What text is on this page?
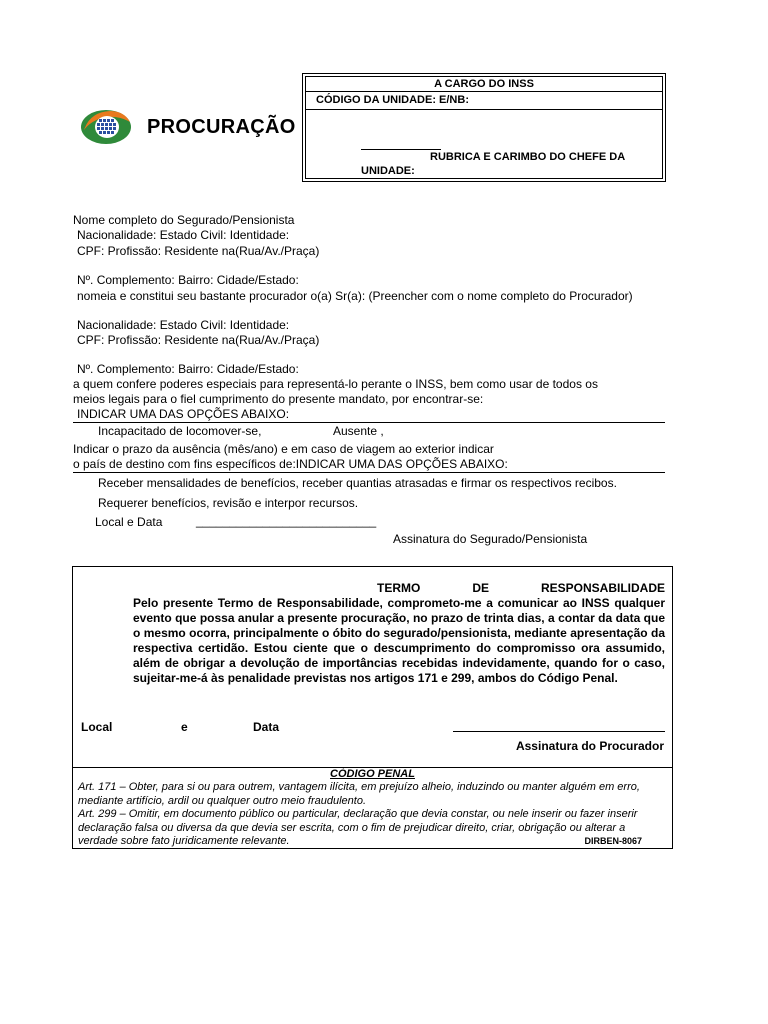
PROCURAÇÃO
A CARGO DO INSS
CÓDIGO DA UNIDADE: E/NB:
RUBRICA E CARIMBO DO CHEFE DA
UNIDADE:
Nome completo do Segurado/Pensionista
Nacionalidade: Estado Civil: Identidade:
CPF: Profissão: Residente na(Rua/Av./Praça)
Nº. Complemento: Bairro: Cidade/Estado:
nomeia e constitui seu bastante procurador o(a) Sr(a): (Preencher com o nome completo do Procurador)
Nacionalidade: Estado Civil: Identidade:
CPF: Profissão: Residente na(Rua/Av./Praça)
Nº. Complemento: Bairro: Cidade/Estado:
a quem confere poderes especiais para representá-lo perante o INSS, bem como usar de todos os
meios legais para o fiel cumprimento do presente mandato, por encontrar-se:
INDICAR UMA DAS OPÇÕES ABAIXO:
Incapacitado de locomover-se,	Ausente ,
Indicar o prazo da ausência (mês/ano) e em caso de viagem ao exterior indicar
o país de destino com fins específicos de:INDICAR UMA DAS OPÇÕES ABAIXO:
Receber mensalidades de benefícios, receber quantias atrasadas e firmar os respectivos recibos.
Requerer benefícios, revisão e interpor recursos.
Local e Data	___________________________
Assinatura do Segurado/Pensionista
TERMO	DE	RESPONSABILIDADE
Pelo presente Termo de Responsabilidade, comprometo-me a comunicar ao INSS qualquer evento que possa anular a presente procuração, no prazo de trinta dias, a contar da data que o mesmo ocorra, principalmente o óbito do segurado/pensionista, mediante apresentação da respectiva certidão. Estou ciente que o descumprimento do compromisso ora assumido, além de obrigar a devolução de importâncias recebidas indevidamente, quando for o caso, sujeitar-me-á às penalidade previstas nos artigos 171 e 299, ambos do Código Penal.
Local	e	Data
Assinatura do Procurador
CÓDIGO PENAL
Art. 171 – Obter, para si ou para outrem, vantagem ilícita, em prejuízo alheio, induzindo ou manter alguém em erro, mediante artifício, ardil ou qualquer outro meio fraudulento.
Art. 299 – Omitir, em documento público ou particular, declaração que devia constar, ou nele inserir ou fazer inserir declaração falsa ou diversa da que devia ser escrita, com o fim de prejudicar direito, criar, obrigação ou alterar a verdade sobre fato juridicamente relevante.	DIRBEN-8067
